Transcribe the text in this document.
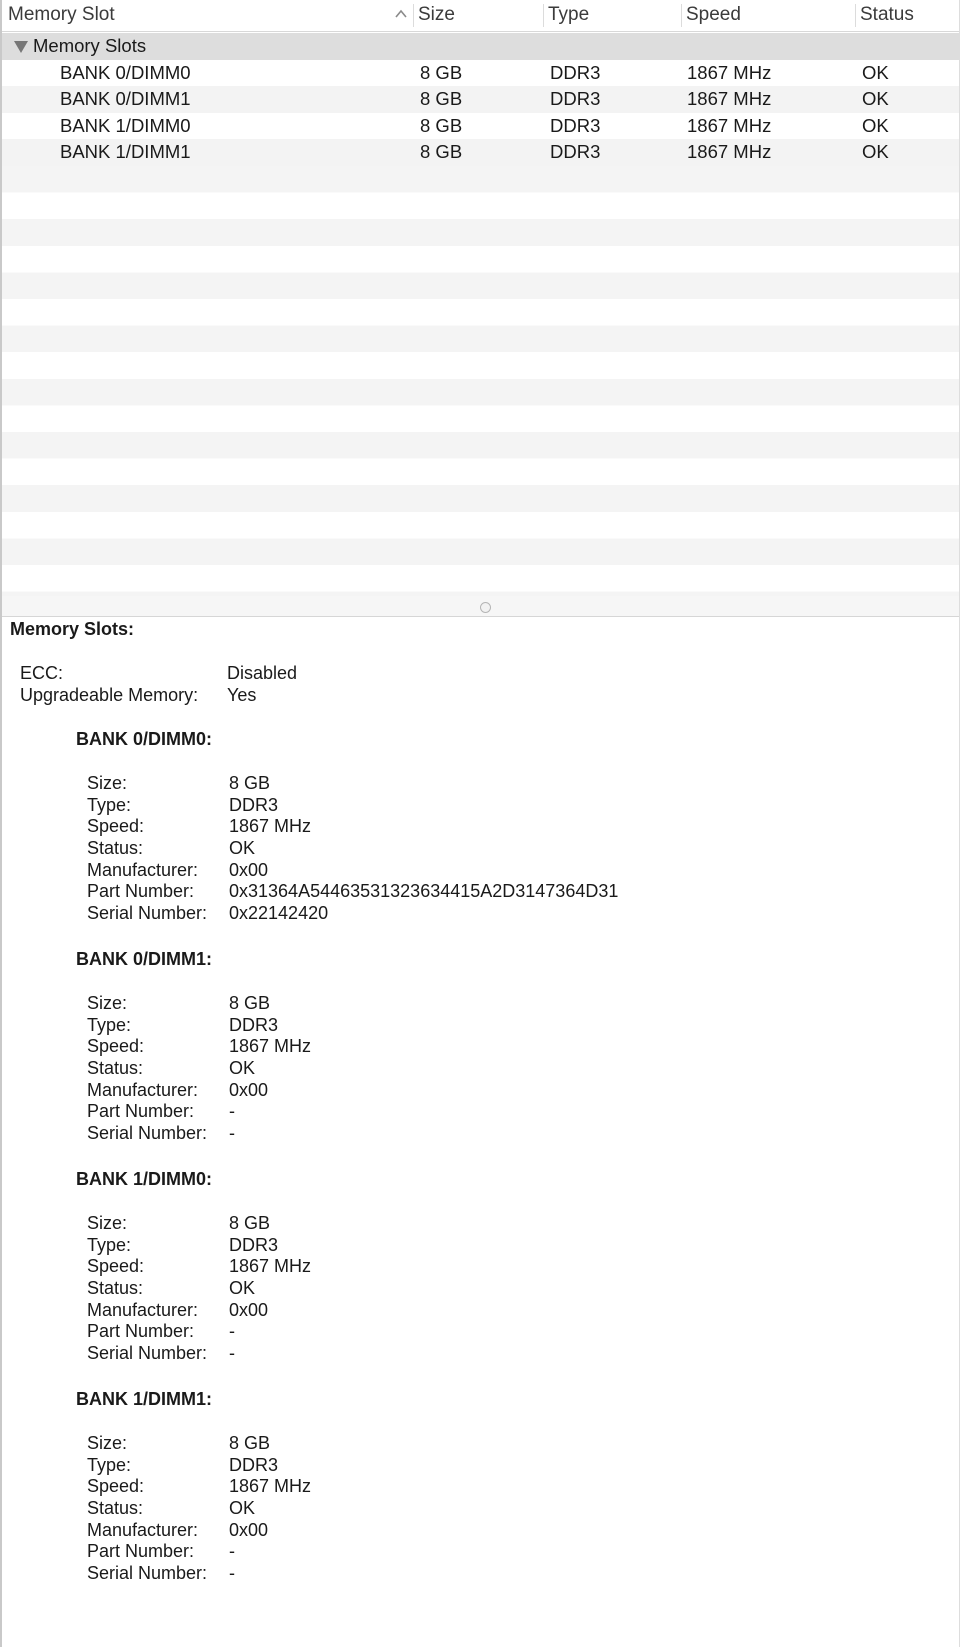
Memory Slot	Size	Type	Speed	Status
Memory Slots
BANK 0/DIMM0	8 GB	DDR3	1867 MHz	OK
BANK 0/DIMM1	8 GB	DDR3	1867 MHz	OK
BANK 1/DIMM0	8 GB	DDR3	1867 MHz	OK
BANK 1/DIMM1	8 GB	DDR3	1867 MHz	OK
Memory Slots:
ECC:	Disabled
Upgradeable Memory: Yes
BANK 0/DIMM0:
Size:	8 GB
Type:	DDR3
Speed:	1867 MHz
Status:	OK
Manufacturer: 0x00
Part Number: 0x31364A54463531323634415A2D3147364D31
Serial Number: 0x22142420
BANK 0/DIMM1:
Size:	8 GB
Type:	DDR3
Speed:	1867 MHz
Status:	OK
Manufacturer: 0x00
Part Number: -
Serial Number: -
BANK 1/DIMM0:
Size:	8 GB
Type:	DDR3
Speed:	1867 MHz
Status:	OK
Manufacturer: 0x00
Part Number: -
Serial Number: -
BANK 1/DIMM1:
Size:	8 GB
Type:	DDR3
Speed:	1867 MHz
Status:	OK
Manufacturer: 0x00
Part Number: -
Serial Number: -
